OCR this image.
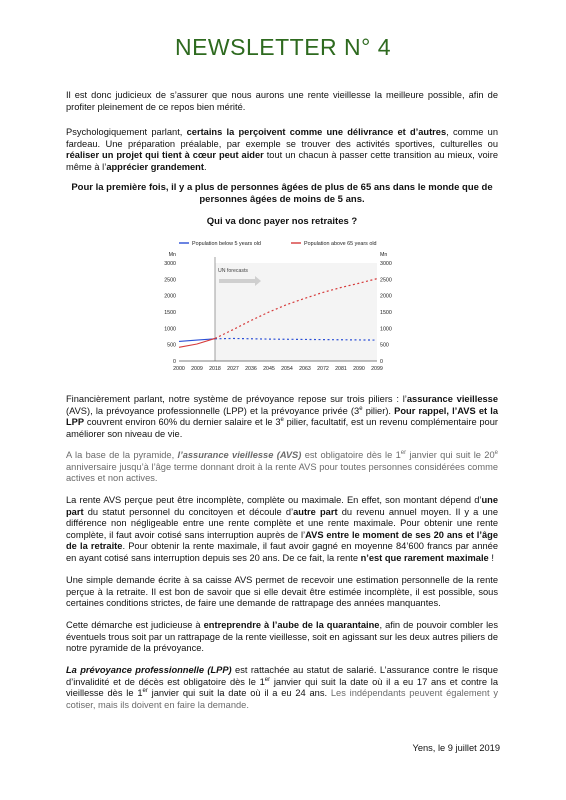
NEWSLETTER N° 4
Il est donc judicieux de s’assurer que nous aurons une rente vieillesse la meilleure possible, afin de profiter pleinement de ce repos bien mérité.
Psychologiquement parlant, certains la perçoivent comme une délivrance et d’autres, comme un fardeau. Une préparation préalable, par exemple se trouver des activités sportives, culturelles ou réaliser un projet qui tient à cœur peut aider tout un chacun à passer cette transition au mieux, voire même à l’apprécier grandement.
Pour la première fois, il y a plus de personnes âgées de plus de 65 ans dans le monde que de personnes âgées de moins de 5 ans.
Qui va donc payer nos retraites ?
UN forecasts
0	0
500	500
1000	1000
1500	1500
2000	2000
2500	2500
3000	3000
Mn	Mn
2000 2009 2018 2027 2036 2045 2054 2063 2072 2081 2090 2099
Population below 5 years old	Population above 65 years old
Financièrement parlant, notre système de prévoyance repose sur trois piliers : l’assurance vieillesse (AVS), la prévoyance professionnelle (LPP) et la prévoyance privée (3e pilier). Pour rappel, l’AVS et la LPP couvrent environ 60% du dernier salaire et le 3e pilier, facultatif, est un revenu complémentaire pour améliorer son niveau de vie.
A la base de la pyramide, l’assurance vieillesse (AVS) est obligatoire dès le 1er janvier qui suit le 20e anniversaire jusqu’à l’âge terme donnant droit à la rente AVS pour toutes personnes considérées comme actives et non actives.
La rente AVS perçue peut être incomplète, complète ou maximale. En effet, son montant dépend d’une part du statut personnel du concitoyen et découle d’autre part du revenu annuel moyen. Il y a une différence non négligeable entre une rente complète et une rente maximale. Pour obtenir une rente complète, il faut avoir cotisé sans interruption auprès de l’AVS entre le moment de ses 20 ans et l’âge de la retraite. Pour obtenir la rente maximale, il faut avoir gagné en moyenne 84’600 francs par année en ayant cotisé sans interruption depuis ses 20 ans. De ce fait, la rente n’est que rarement maximale !
Une simple demande écrite à sa caisse AVS permet de recevoir une estimation personnelle de la rente perçue à la retraite. Il est bon de savoir que si elle devait être estimée incomplète, il est possible, sous certaines conditions strictes, de faire une demande de rattrapage des années manquantes.
Cette démarche est judicieuse à entreprendre à l’aube de la quarantaine, afin de pouvoir combler les éventuels trous soit par un rattrapage de la rente vieillesse, soit en agissant sur les deux autres piliers de notre pyramide de la prévoyance.
La prévoyance professionnelle (LPP) est rattachée au statut de salarié. L’assurance contre le risque d’invalidité et de décès est obligatoire dès le 1er janvier qui suit la date où il a eu 17 ans et contre la vieillesse dès le 1er janvier qui suit la date où il a eu 24 ans. Les indépendants peuvent également y cotiser, mais ils doivent en faire la demande.
Yens, le 9 juillet 2019
